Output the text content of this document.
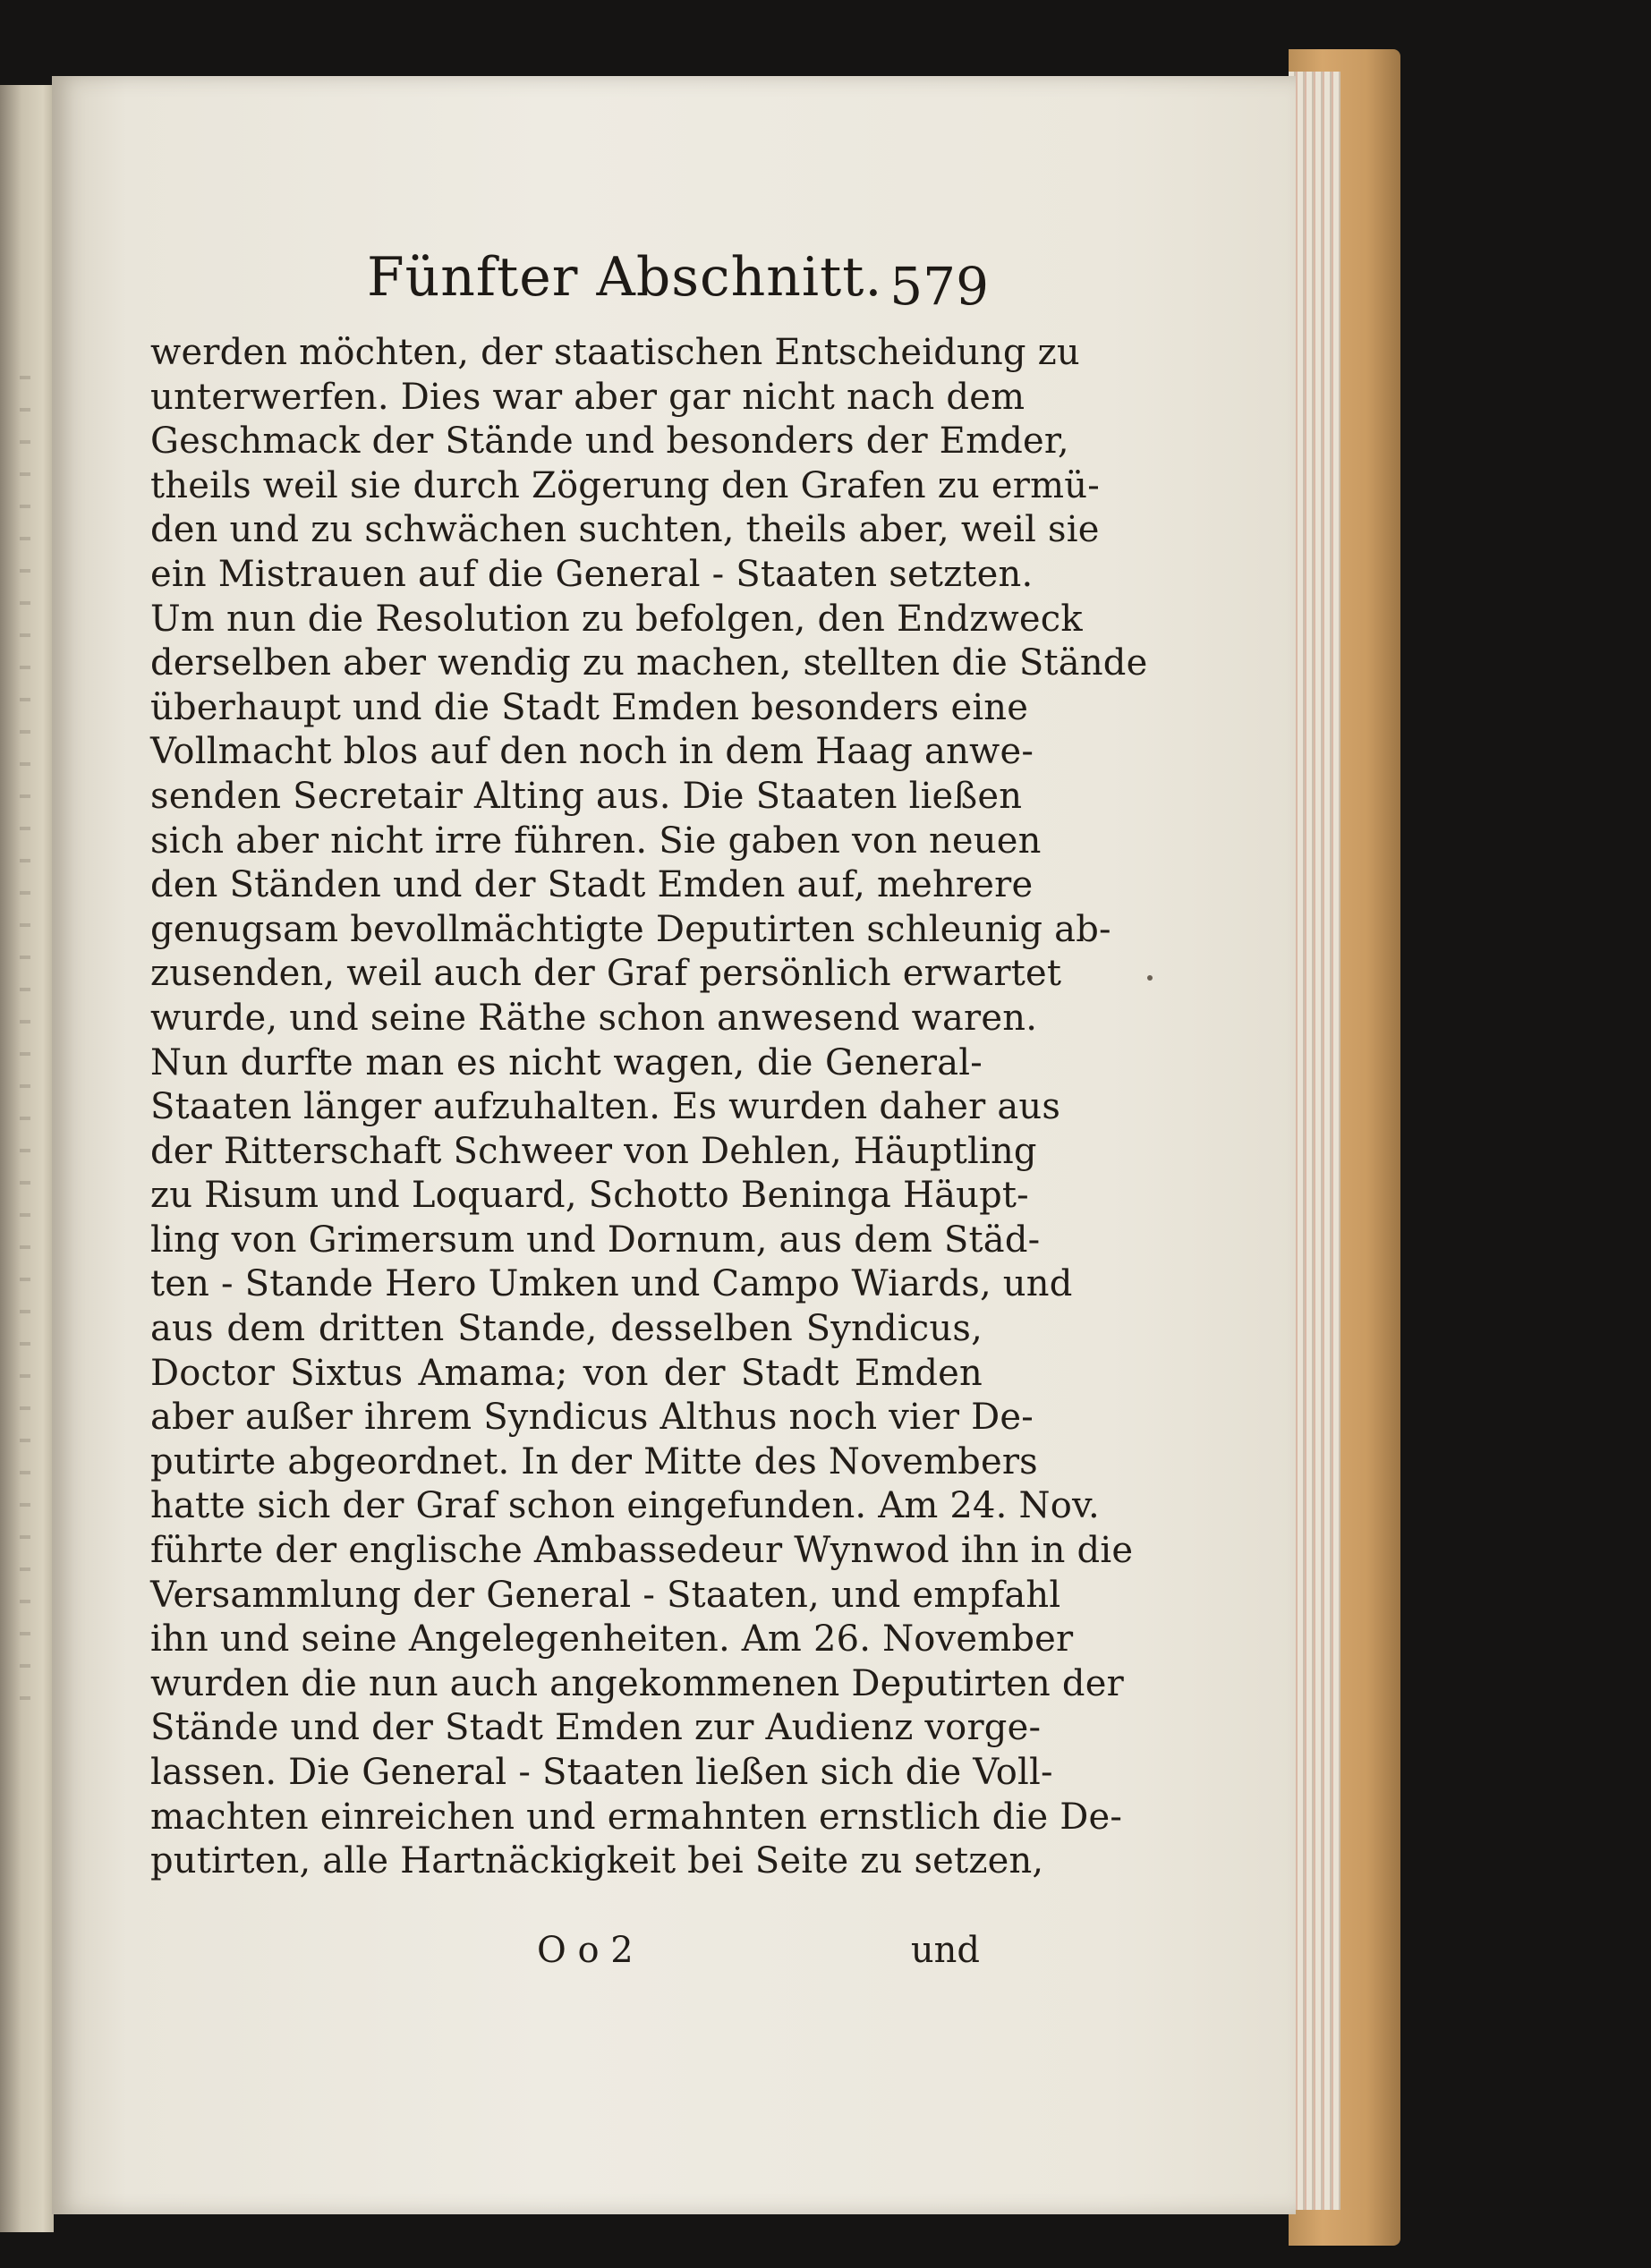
Fünfter Abschnitt. 579
werden möchten, der staatischen Entscheidung zu
unterwerfen. Dies war aber gar nicht nach dem
Geschmack der Stände und besonders der Emder,
theils weil sie durch Zögerung den Grafen zu ermü-
den und zu schwächen suchten, theils aber, weil sie
ein Mistrauen auf die General - Staaten setzten.
Um nun die Resolution zu befolgen, den Endzweck
derselben aber wendig zu machen, stellten die Stände
überhaupt und die Stadt Emden besonders eine
Vollmacht blos auf den noch in dem Haag anwe-
senden Secretair Alting aus. Die Staaten ließen
sich aber nicht irre führen. Sie gaben von neuen
den Ständen und der Stadt Emden auf, mehrere
genugsam bevollmächtigte Deputirten schleunig ab-
zusenden, weil auch der Graf persönlich erwartet
wurde, und seine Räthe schon anwesend waren.
Nun durfte man es nicht wagen, die General-
Staaten länger aufzuhalten. Es wurden daher aus
der Ritterschaft Schweer von Dehlen, Häuptling
zu Risum und Loquard, Schotto Beninga Häupt-
ling von Grimersum und Dornum, aus dem Städ-
ten - Stande Hero Umken und Campo Wiards, und
aus dem dritten Stande, desselben Syndicus,
Doctor Sixtus Amama; von der Stadt Emden
aber außer ihrem Syndicus Althus noch vier De-
putirte abgeordnet. In der Mitte des Novembers
hatte sich der Graf schon eingefunden. Am 24. Nov.
führte der englische Ambassedeur Wynwod ihn in die
Versammlung der General - Staaten, und empfahl
ihn und seine Angelegenheiten. Am 26. November
wurden die nun auch angekommenen Deputirten der
Stände und der Stadt Emden zur Audienz vorge-
lassen. Die General - Staaten ließen sich die Voll-
machten einreichen und ermahnten ernstlich die De-
putirten, alle Hartnäckigkeit bei Seite zu setzen,
O o 2	und
